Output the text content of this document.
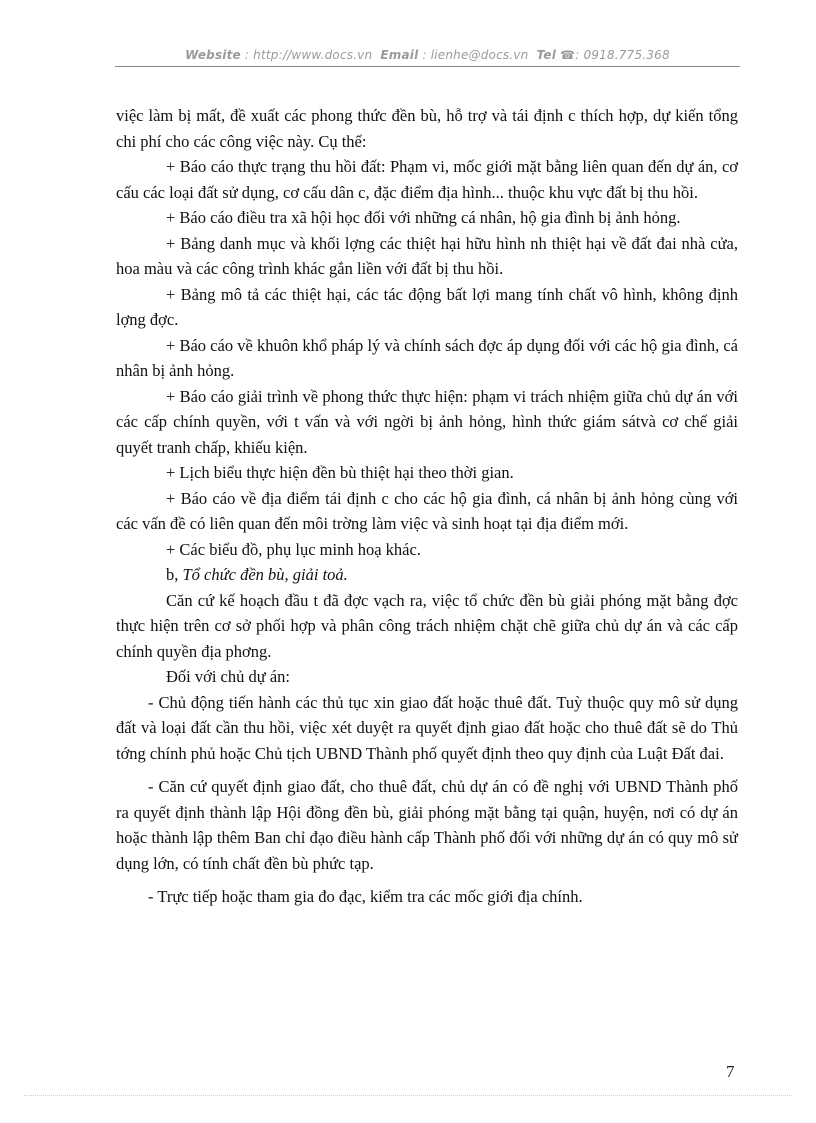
Website : http://www.docs.vn Email : lienhe@docs.vn Tel ☎: 0918.775.368

việc làm bị mất, đề xuất các phong thức đền bù, hỗ trợ và tái định c thích hợp, dự kiến tổng chi phí cho các công việc này. Cụ thể:

+ Báo cáo thực trạng thu hồi đất: Phạm vi, mốc giới mặt bằng liên quan đến dự án, cơ cấu các loại đất sử dụng, cơ cấu dân c, đặc điểm địa hình... thuộc khu vực đất bị thu hồi.

+ Báo cáo điều tra xã hội học đối với những cá nhân, hộ gia đình bị ảnh hỏng.

+ Bảng danh mục và khối lợng các thiệt hại hữu hình nh thiệt hại về đất đai nhà cửa, hoa màu và các công trình khác gắn liền với đất bị thu hồi.

+ Bảng mô tả các thiệt hại, các tác động bất lợi mang tính chất vô hình, không định lợng đợc.

+ Báo cáo về khuôn khổ pháp lý và chính sách đợc áp dụng đối với các hộ gia đình, cá nhân bị ảnh hỏng.

+ Báo cáo giải trình về phong thức thực hiện: phạm vi trách nhiệm giữa chủ dự án với các cấp chính quyền, với t vấn và với ngời bị ảnh hỏng, hình thức giám sátvà cơ chế giải quyết tranh chấp, khiếu kiện.

+ Lịch biểu thực hiện đền bù thiệt hại theo thời gian.

+ Báo cáo về địa điểm tái định c cho các hộ gia đình, cá nhân bị ảnh hỏng cùng với các vấn đề có liên quan đến môi trờng làm việc và sinh hoạt tại địa điểm mới.

+ Các biểu đồ, phụ lục minh hoạ khác.

b, Tổ chức đền bù, giải toả.

Căn cứ kế hoạch đầu t đã đợc vạch ra, việc tổ chức đền bù giải phóng mặt bằng đợc thực hiện trên cơ sở phối hợp và phân công trách nhiệm chặt chẽ giữa chủ dự án và các cấp chính quyền địa phơng.

Đối với chủ dự án:

- Chủ động tiến hành các thủ tục xin giao đất hoặc thuê đất. Tuỳ thuộc quy mô sử dụng đất và loại đất cần thu hồi, việc xét duyệt ra quyết định giao đất hoặc cho thuê đất sẽ do Thủ tớng chính phủ hoặc Chủ tịch UBND Thành phố quyết định theo quy định của Luật Đất đai.

- Căn cứ quyết định giao đất, cho thuê đất, chủ dự án có đề nghị với UBND Thành phố ra quyết định thành lập Hội đồng đền bù, giải phóng mặt bằng tại quận, huyện, nơi có dự án hoặc thành lập thêm Ban chỉ đạo điều hành cấp Thành phố đối với những dự án có quy mô sử dụng lớn, có tính chất đền bù phức tạp.

- Trực tiếp hoặc tham gia đo đạc, kiểm tra các mốc giới địa chính.

7
